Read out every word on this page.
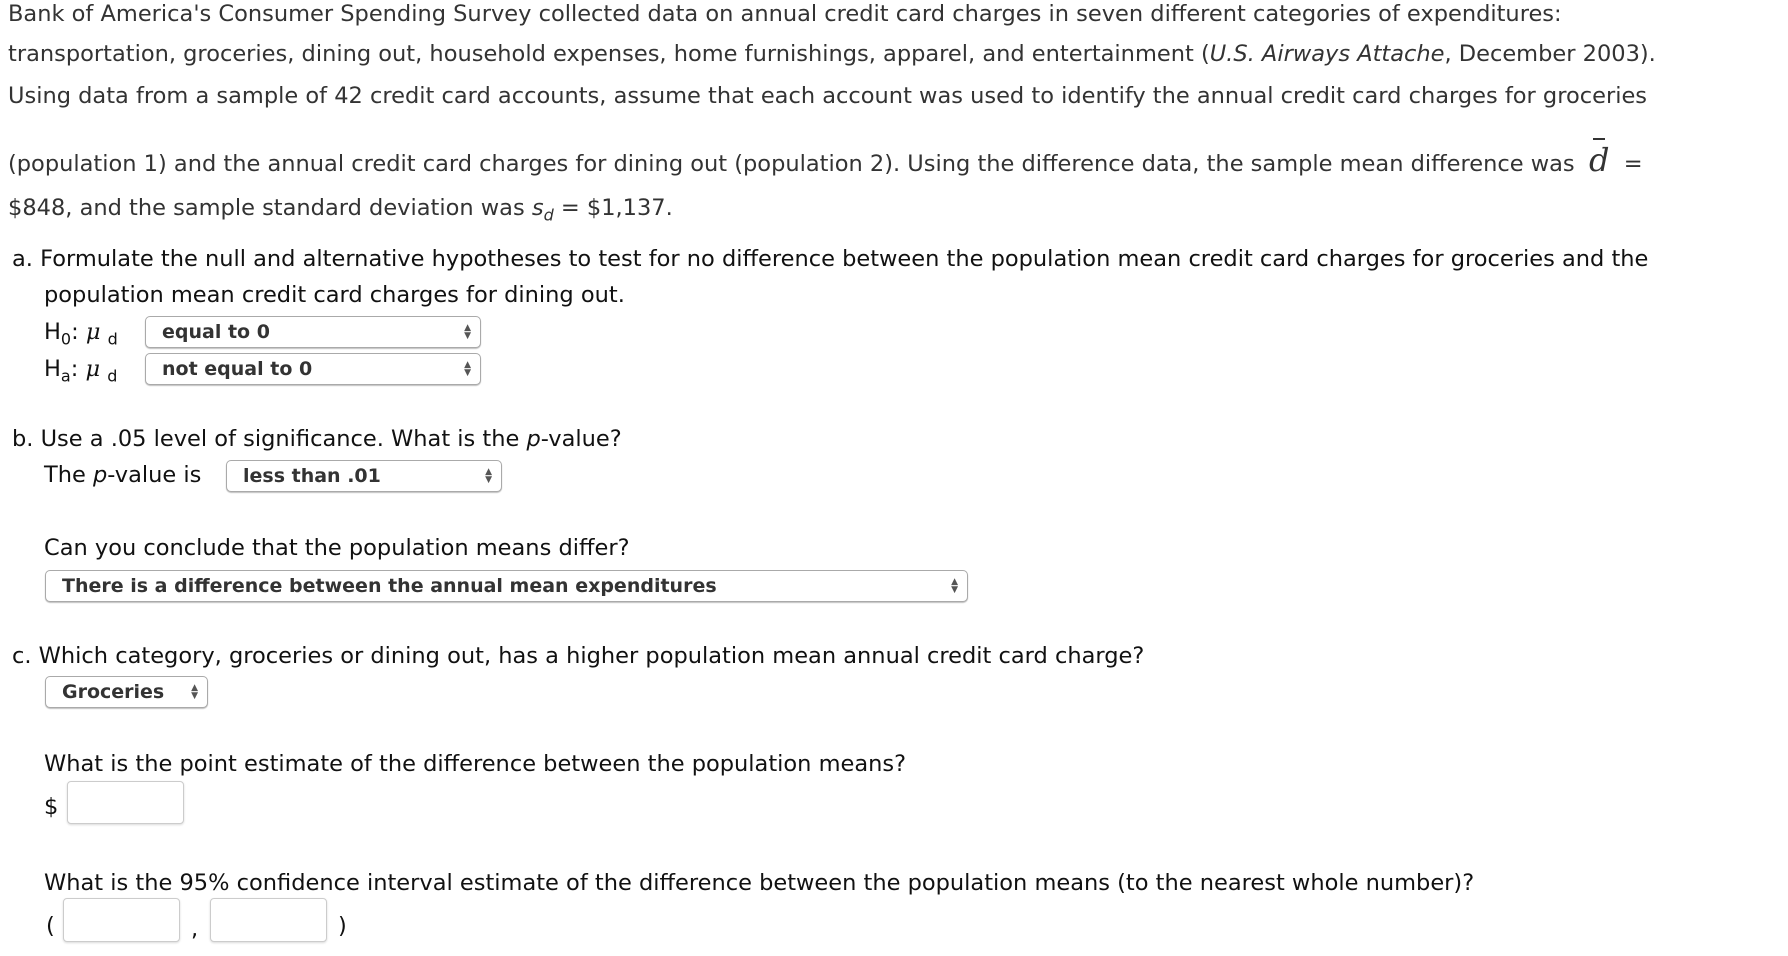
Bank of America's Consumer Spending Survey collected data on annual credit card charges in seven different categories of expenditures:
transportation, groceries, dining out, household expenses, home furnishings, apparel, and entertainment (U.S. Airways Attache, December 2003).
Using data from a sample of 42 credit card accounts, assume that each account was used to identify the annual credit card charges for groceries
(population 1) and the annual credit card charges for dining out (population 2). Using the difference data, the sample mean difference was d =
$848, and the sample standard deviation was $s_d$ = $1,137.
a. Formulate the null and alternative hypotheses to test for no difference between the population mean credit card charges for groceries and the
population mean credit card charges for dining out.
$H_0$: μ $_d$ equal to 0	▲
▼
$H_a$: μ $_d$ not equal to 0	▲
▼
b. Use a .05 level of significance. What is the p-value?
The p-value is less than .01	▲
▼
Can you conclude that the population means differ?
There is a difference between the annual mean expenditures	▲
▼
c. Which category, groceries or dining out, has a higher population mean annual credit card charge?
Groceries	▲
▼
What is the point estimate of the difference between the population means?
$
What is the 95% confidence interval estimate of the difference between the population means (to the nearest whole number)?
(	,	)
